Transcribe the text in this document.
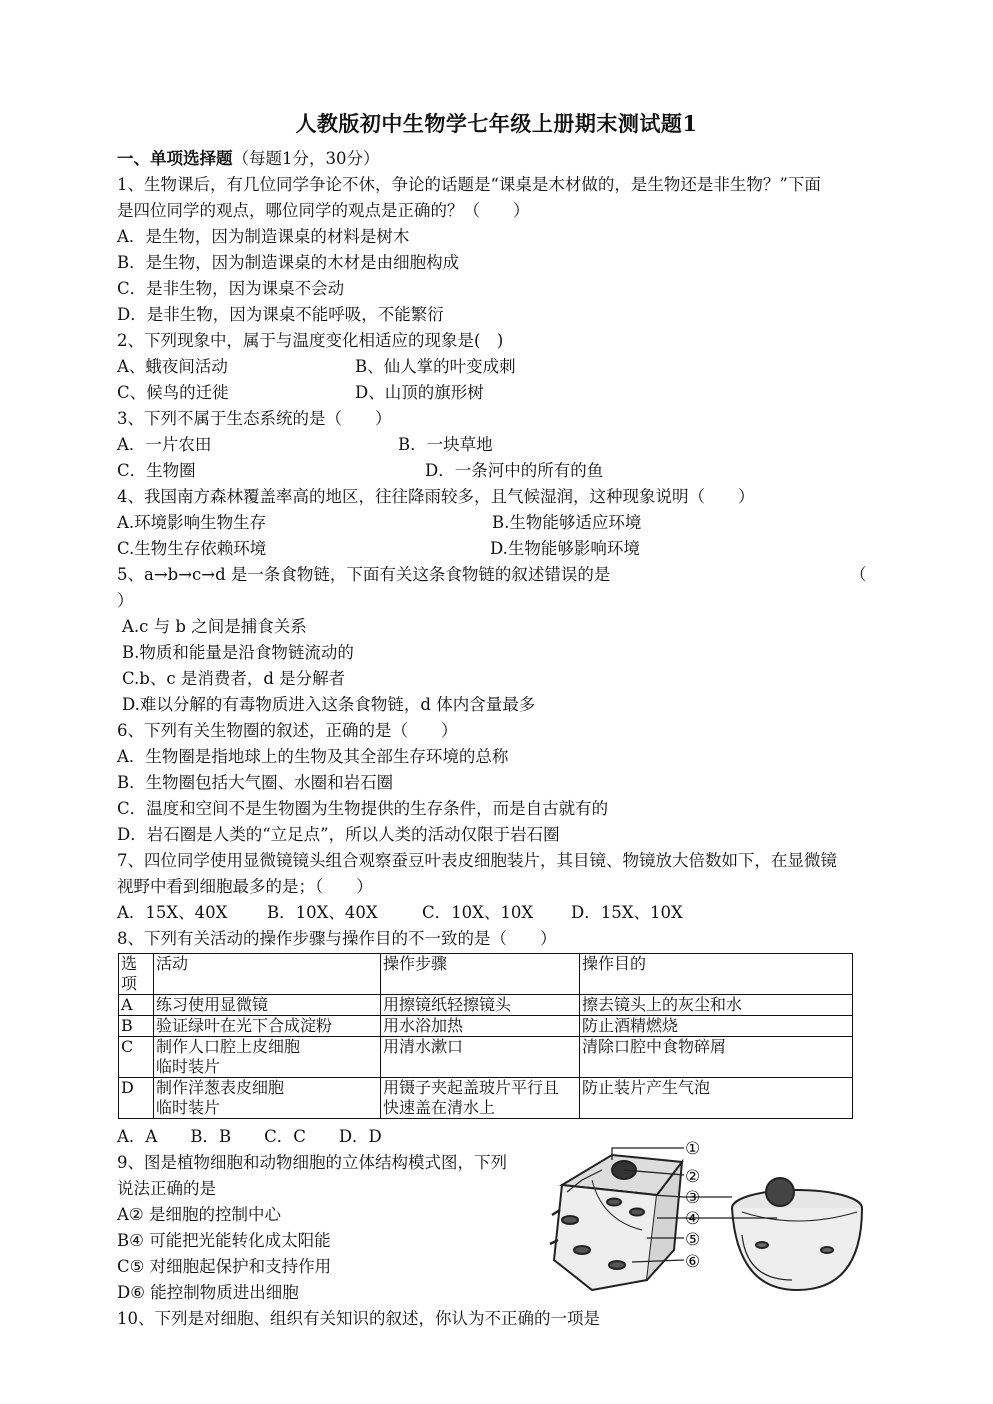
人教版初中生物学七年级上册期末测试题1
一、单项选择题（每题1分，30分）
1、生物课后，有几位同学争论不休，争论的话题是“课桌是木材做的，是生物还是非生物？”下面
是四位同学的观点，哪位同学的观点是正确的？（　　）
A．是生物，因为制造课桌的材料是树木
B．是生物，因为制造课桌的木材是由细胞构成
C．是非生物，因为课桌不会动
D．是非生物，因为课桌不能呼吸，不能繁衍
2、下列现象中，属于与温度变化相适应的现象是(　)
A、蛾夜间活动	B、仙人掌的叶变成刺
C、候鸟的迁徙	D、山顶的旗形树
3、下列不属于生态系统的是（　　）
A．一片农田	B．一块草地
C．生物圈	D．一条河中的所有的鱼
4、我国南方森林覆盖率高的地区，往往降雨较多，且气候湿润，这种现象说明（　　）
A.环境影响生物生存	B.生物能够适应环境
C.生物生存依赖环境	D.生物能够影响环境
5、a→b→c→d 是一条食物链，下面有关这条食物链的叙述错误的是	（
）
A.c 与 b 之间是捕食关系
B.物质和能量是沿食物链流动的
C.b、c 是消费者，d 是分解者
D.难以分解的有毒物质进入这条食物链，d 体内含量最多
6、下列有关生物圈的叙述，正确的是（　　）
A．生物圈是指地球上的生物及其全部生存环境的总称
B．生物圈包括大气圈、水圈和岩石圈
C．温度和空间不是生物圈为生物提供的生存条件，而是自古就有的
D．岩石圈是人类的“立足点”，所以人类的活动仅限于岩石圈
7、四位同学使用显微镜镜头组合观察蚕豆叶表皮细胞装片，其目镜、物镜放大倍数如下，在显微镜
视野中看到细胞最多的是；（　　）
A．15X、40X B．10X、40X	C．10X、10X D．15X、10X
8、下列有关活动的操作步骤与操作目的不一致的是（　　）
选项	活动	操作步骤	操作目的
A	练习使用显微镜	用擦镜纸轻擦镜头	擦去镜头上的灰尘和水
B	验证绿叶在光下合成淀粉	用水浴加热	防止酒精燃烧
C	制作人口腔上皮细胞
临时装片	用清水漱口	清除口腔中食物碎屑
D	制作洋葱表皮细胞
临时装片	用镊子夹起盖玻片平行且
快速盖在清水上	防止装片产生气泡
A．A　　B．B　　C．C　　D．D
9、图是植物细胞和动物细胞的立体结构模式图，下列
说法正确的是
A② 是细胞的控制中心
B④ 可能把光能转化成太阳能
C⑤ 对细胞起保护和支持作用
D⑥ 能控制物质进出细胞
①
②
③
④
⑤
⑥
10、下列是对细胞、组织有关知识的叙述，你认为不正确的一项是
